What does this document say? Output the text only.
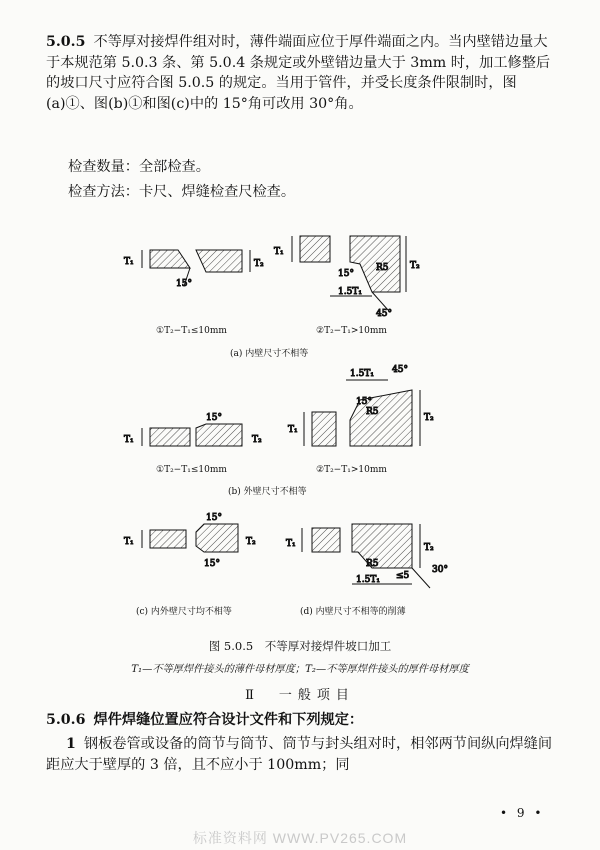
5.0.5 不等厚对接焊件组对时，薄件端面应位于厚件端面之内。当内壁错边量大于本规范第 5.0.3 条、第 5.0.4 条规定或外壁错边量大于 3mm 时，加工修整后的坡口尺寸应符合图 5.0.5 的规定。当用于管件，并受长度条件限制时，图(a)①、图(b)①和图(c)中的 15°角可改用 30°角。

检查数量：全部检查。
检查方法：卡尺、焊缝检查尺检查。
T₁	T₂
15°
①T₂−T₁≤10mm
T₁
T₂
15°
R5
1.5T₁
45°
②T₂−T₁>10mm
T₁	T₂
15°
①T₂−T₁≤10mm
T₁
T₂
1.5T₁ 45°
15°
R5
②T₂−T₁>10mm
(b) 外壁尺寸不相等
T₁	T₂
15°
15°
T₁	T₂
R5
1.5T₁ ≤5
30°
(c) 内外壁尺寸均不相等	(d) 内壁尺寸不相等的削薄
(a) 内壁尺寸不相等
图 5.0.5　不等厚对接焊件坡口加工
T₁—不等厚焊件接头的薄件母材厚度；T₂—不等厚焊件接头的厚件母材厚度
Ⅱ　一般项目

5.0.6 焊件焊缝位置应符合设计文件和下列规定：

1 钢板卷管或设备的筒节与筒节、筒节与封头组对时，相邻两节间纵向焊缝间距应大于壁厚的 3 倍，且不应小于 100mm；同

• 9 •
标准资料网 WWW.PV265.COM
